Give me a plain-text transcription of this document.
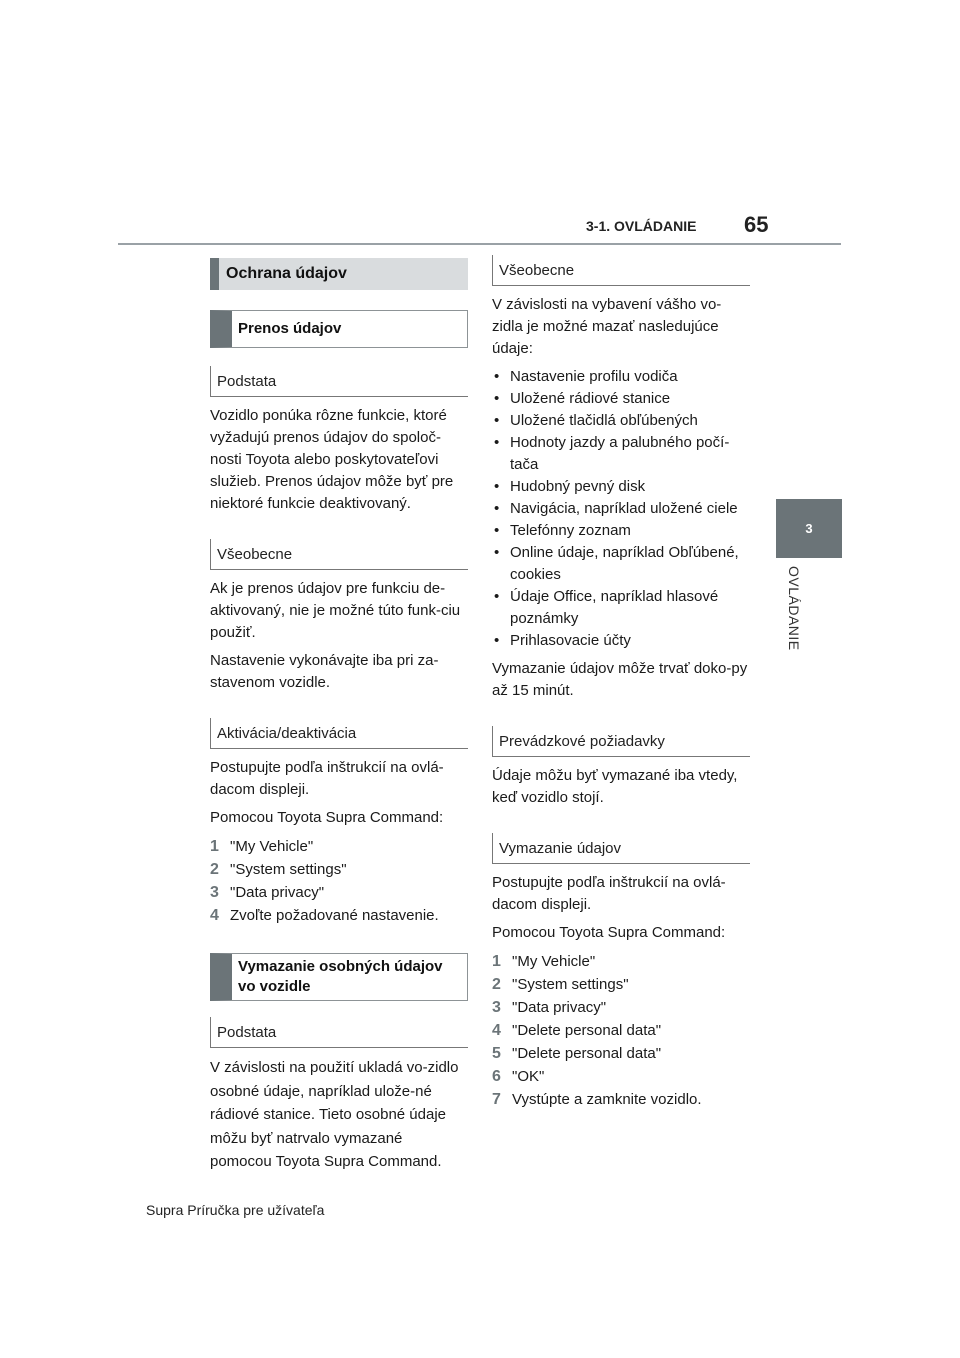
3-1. OVLÁDANIE 65
3
OVLÁDANIE
Ochrana údajov
Prenos údajov
Podstata

Vozidlo ponúka rôzne funkcie, ktoré vyžadujú prenos údajov do spoloč-nosti Toyota alebo poskytovateľovi služieb. Prenos údajov môže byť pre niektoré funkcie deaktivovaný.

Všeobecne

Ak je prenos údajov pre funkciu de-aktivovaný, nie je možné túto funk-ciu použiť.

Nastavenie vykonávajte iba pri za-stavenom vozidle.

Aktivácia/deaktivácia

Postupujte podľa inštrukcií na ovlá-dacom displeji.

Pomocou Toyota Supra Command:

1 "My Vehicle"
2 "System settings"
3 "Data privacy"
4 Zvoľte požadované nastavenie.
Vymazanie osobných údajov vo vozidle
Podstata

V závislosti na použití ukladá vo-zidlo osobné údaje, napríklad ulože-né rádiové stanice. Tieto osobné údaje môžu byť natrvalo vymazané pomocou Toyota Supra Command.

Všeobecne

V závislosti na vybavení vášho vo-zidla je možné mazať nasledujúce údaje:

• Nastavenie profilu vodiča
• Uložené rádiové stanice
• Uložené tlačidlá obľúbených
• Hodnoty jazdy a palubného počí-tača
• Hudobný pevný disk
• Navigácia, napríklad uložené ciele
• Telefónny zoznam
• Online údaje, napríklad Obľúbené, cookies
• Údaje Office, napríklad hlasové poznámky
• Prihlasovacie účty

Vymazanie údajov môže trvať doko-py až 15 minút.

Prevádzkové požiadavky

Údaje môžu byť vymazané iba vtedy, keď vozidlo stojí.

Vymazanie údajov

Postupujte podľa inštrukcií na ovlá-dacom displeji.

Pomocou Toyota Supra Command:

1 "My Vehicle"
2 "System settings"
3 "Data privacy"
4 "Delete personal data"
5 "Delete personal data"
6 "OK"
7 Vystúpte a zamknite vozidlo.
Supra Príručka pre užívateľa
